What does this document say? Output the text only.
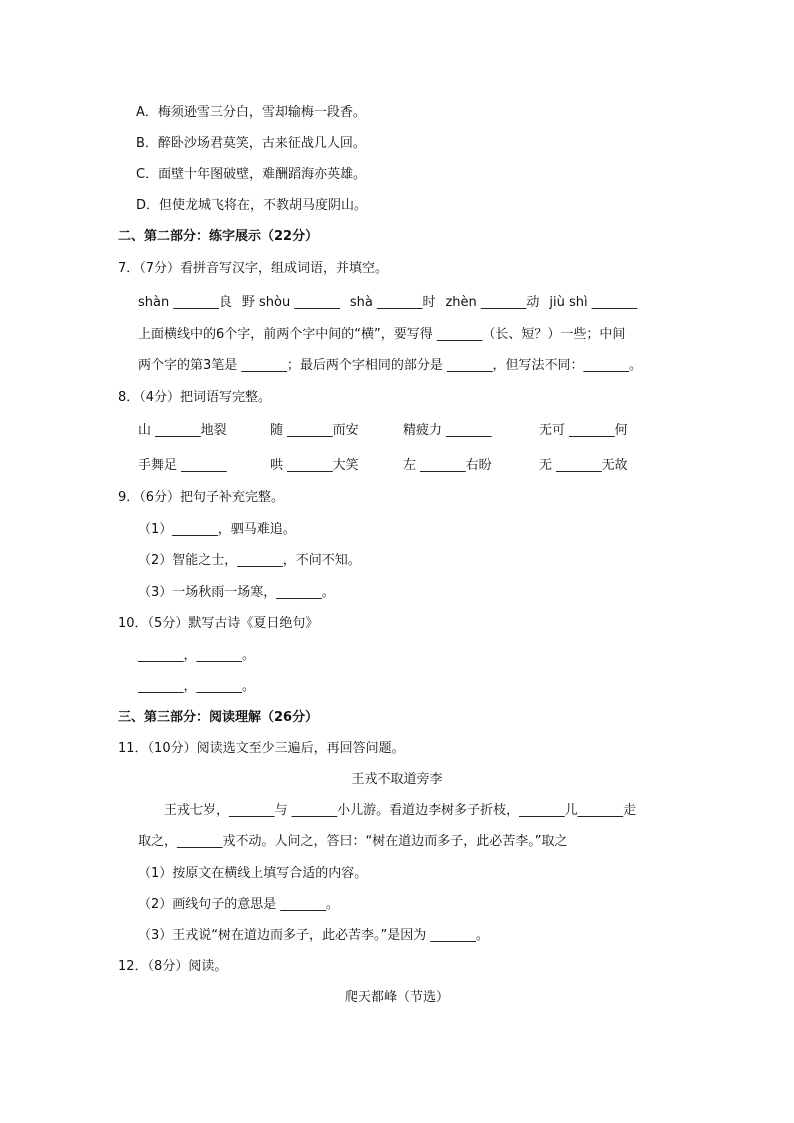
A．梅须逊雪三分白，雪却输梅一段香。
B．醉卧沙场君莫笑，古来征战几人回。
C．面壁十年图破壁，难酬蹈海亦英雄。
D．但使龙城飞将在，不教胡马度阴山。
二、第二部分：练字展示（22分）
7．（7分）看拼音写汉字，组成词语，并填空。
shàn _______良 野 shòu _______ shà _______时 zhèn _______动 jiù shì _______
上面横线中的6个字，前两个字中间的“横”，要写得 _______（长、短？）一些；中间
两个字的第3笔是 _______；最后两个字相同的部分是 _______，但写法不同：_______。
8．（4分）把词语写完整。
山 _______地裂	随 _______而安	精疲力 _______	无可 _______何
手舞足 _______	哄 _______大笑	左 _______右盼	无 _______无故
9．（6分）把句子补充完整。
（1）_______，驷马难追。
（2）智能之士，_______，不问不知。
（3）一场秋雨一场寒，_______。
10．（5分）默写古诗《夏日绝句》
_______，_______。
_______，_______。
三、第三部分：阅读理解（26分）
11．（10分）阅读选文至少三遍后，再回答问题。
王戎不取道旁李
王戎七岁，_______与 _______小儿游。看道边李树多子折枝，_______儿_______走
取之，_______戎不动。人问之，答曰：“树在道边而多子，此必苦李。”取之
（1）按原文在横线上填写合适的内容。
（2）画线句子的意思是 _______。
（3）王戎说“树在道边而多子，此必苦李。”是因为 _______。
12．（8分）阅读。
爬天都峰（节选）
